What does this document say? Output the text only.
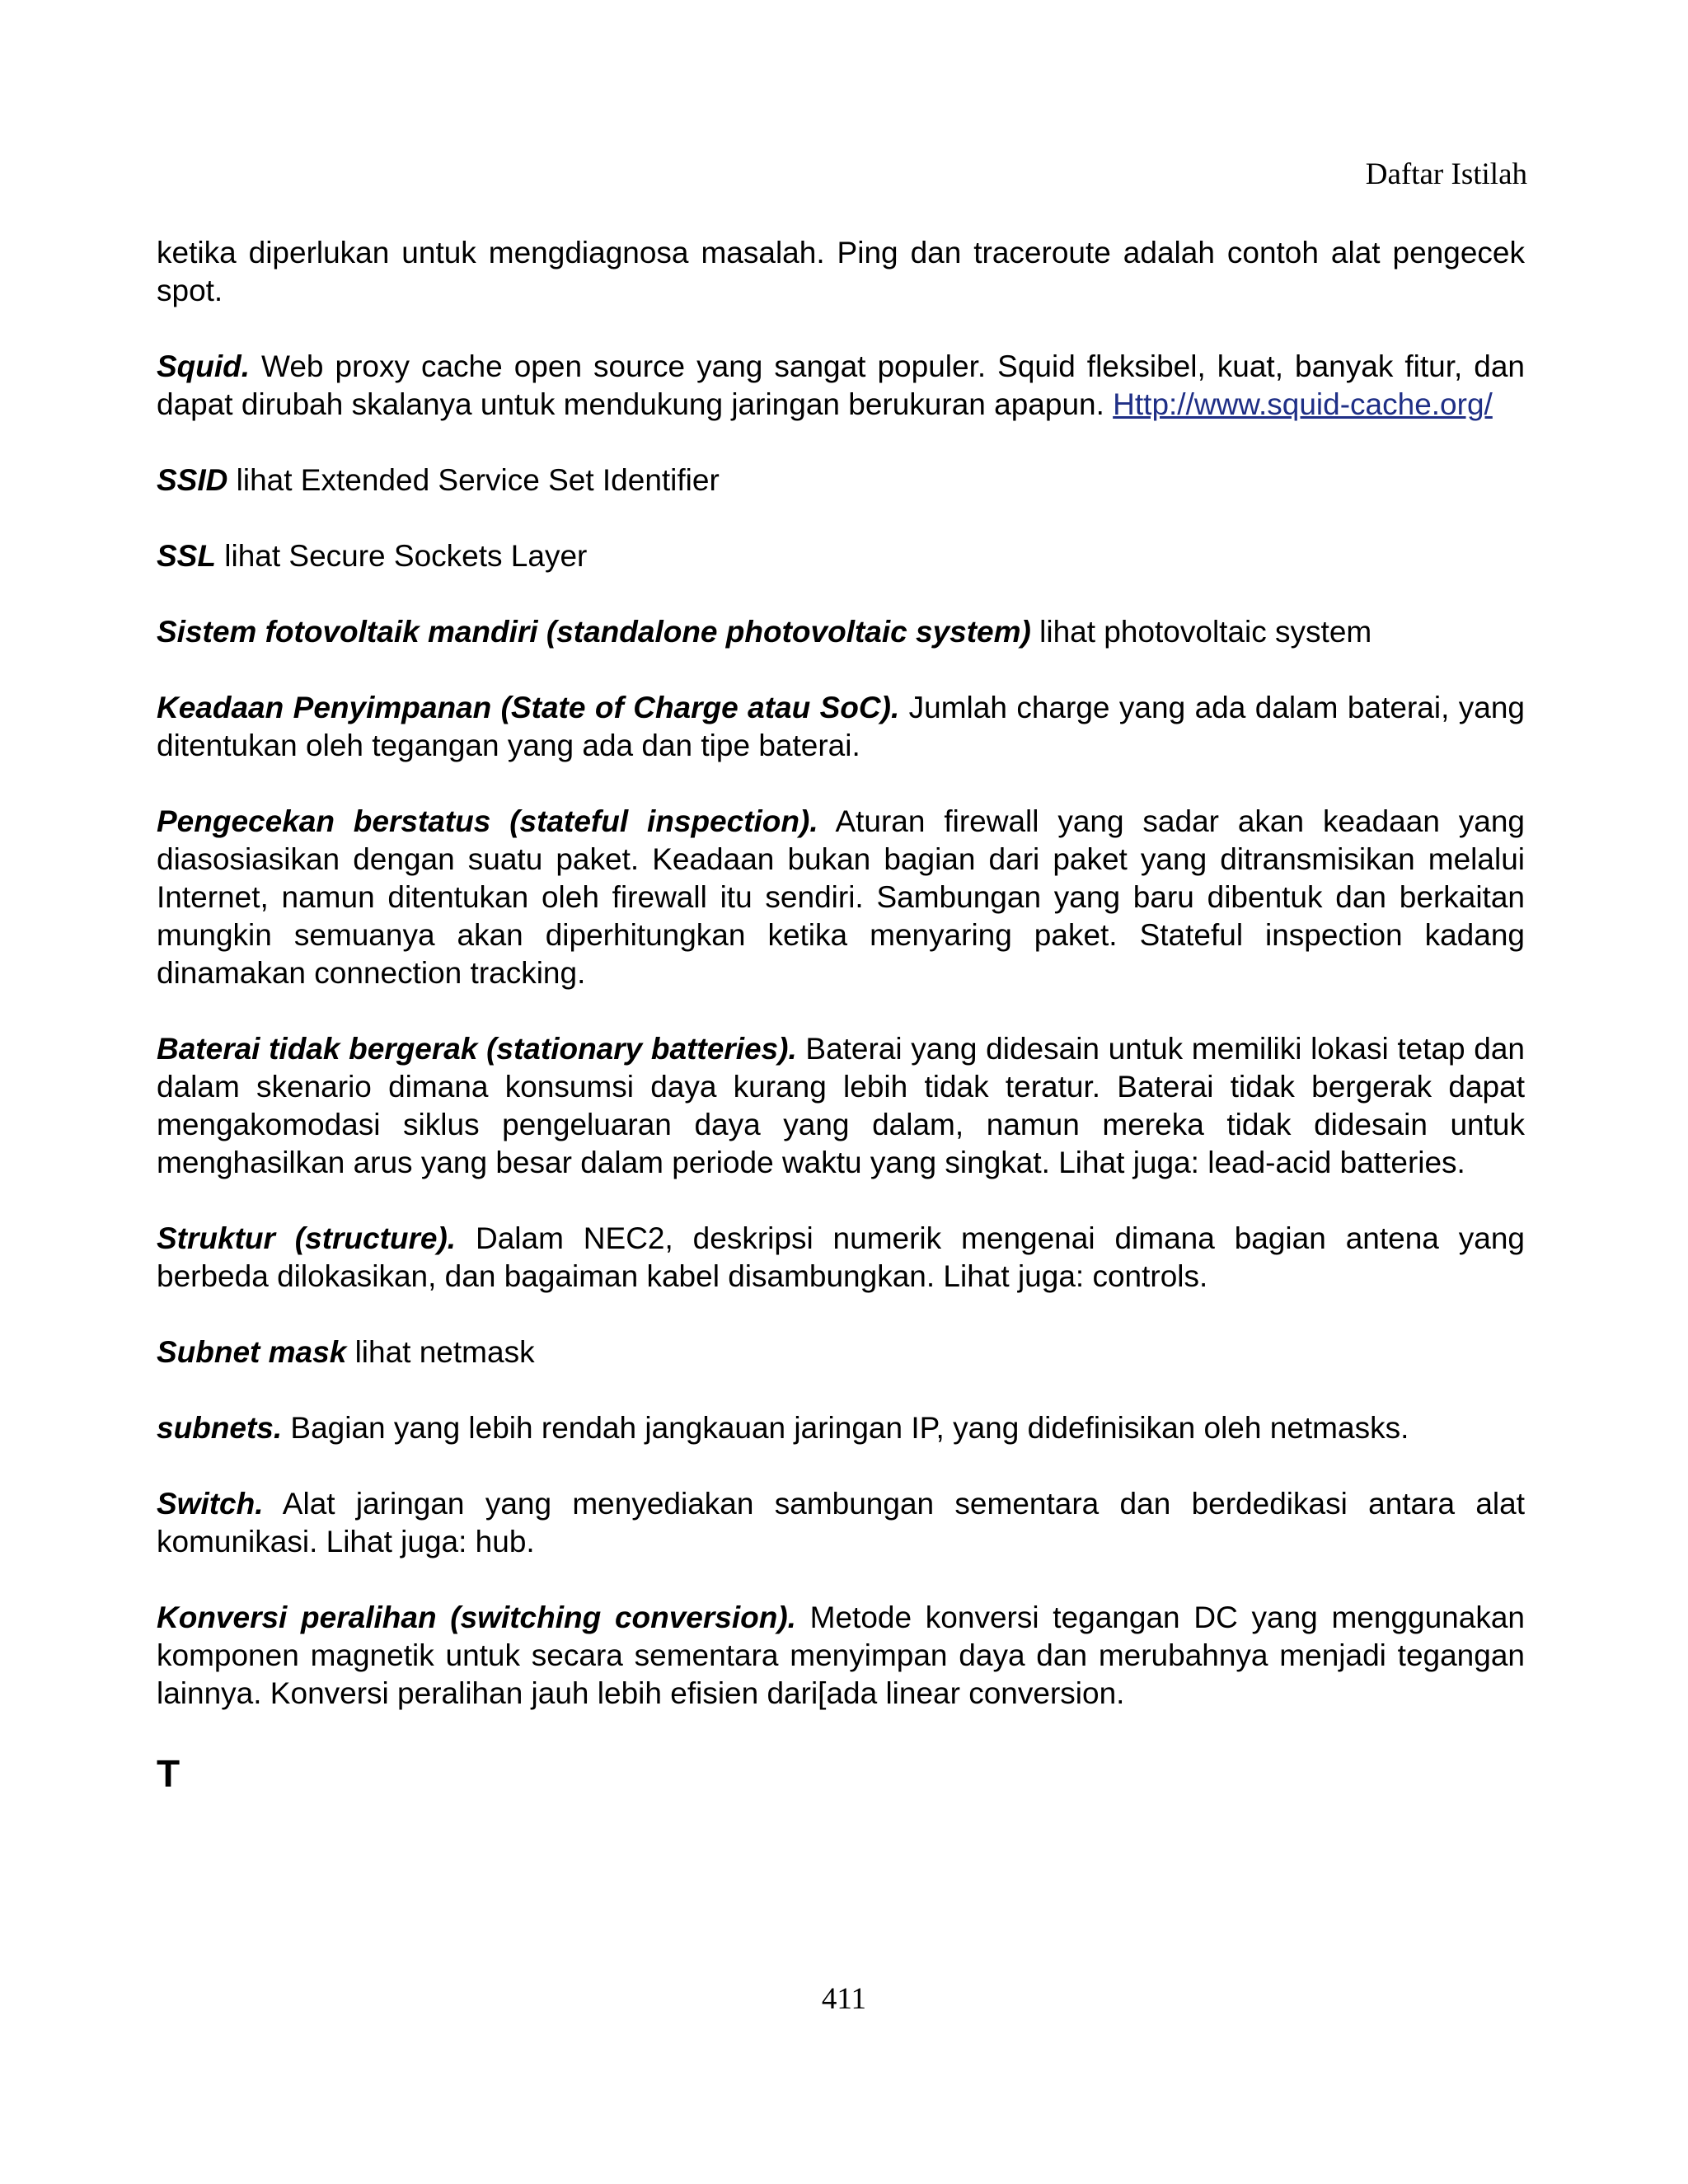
Daftar Istilah

ketika diperlukan untuk mengdiagnosa masalah. Ping dan traceroute adalah contoh alat pengecek spot.

Squid. Web proxy cache open source yang sangat populer. Squid fleksibel, kuat, banyak fitur, dan dapat dirubah skalanya untuk mendukung jaringan berukuran apapun. Http://www.squid-cache.org/

SSID lihat Extended Service Set Identifier

SSL lihat Secure Sockets Layer

Sistem fotovoltaik mandiri (standalone photovoltaic system) lihat photovoltaic system

Keadaan Penyimpanan (State of Charge atau SoC). Jumlah charge yang ada dalam baterai, yang ditentukan oleh tegangan yang ada dan tipe baterai.

Pengecekan berstatus (stateful inspection). Aturan firewall yang sadar akan keadaan yang diasosiasikan dengan suatu paket. Keadaan bukan bagian dari paket yang ditransmisikan melalui Internet, namun ditentukan oleh firewall itu sendiri. Sambungan yang baru dibentuk dan berkaitan mungkin semuanya akan diperhitungkan ketika menyaring paket. Stateful inspection kadang dinamakan connection tracking.

Baterai tidak bergerak (stationary batteries). Baterai yang didesain untuk memiliki lokasi tetap dan dalam skenario dimana konsumsi daya kurang lebih tidak teratur. Baterai tidak bergerak dapat mengakomodasi siklus pengeluaran daya yang dalam, namun mereka tidak didesain untuk menghasilkan arus yang besar dalam periode waktu yang singkat. Lihat juga: lead-acid batteries.

Struktur (structure). Dalam NEC2, deskripsi numerik mengenai dimana bagian antena yang berbeda dilokasikan, dan bagaiman kabel disambungkan. Lihat juga: controls.

Subnet mask lihat netmask

subnets. Bagian yang lebih rendah jangkauan jaringan IP, yang didefinisikan oleh netmasks.

Switch. Alat jaringan yang menyediakan sambungan sementara dan berdedikasi antara alat komunikasi. Lihat juga: hub.

Konversi peralihan (switching conversion). Metode konversi tegangan DC yang menggunakan komponen magnetik untuk secara sementara menyimpan daya dan merubahnya menjadi tegangan lainnya. Konversi peralihan jauh lebih efisien dari[ada linear conversion.

T
411
